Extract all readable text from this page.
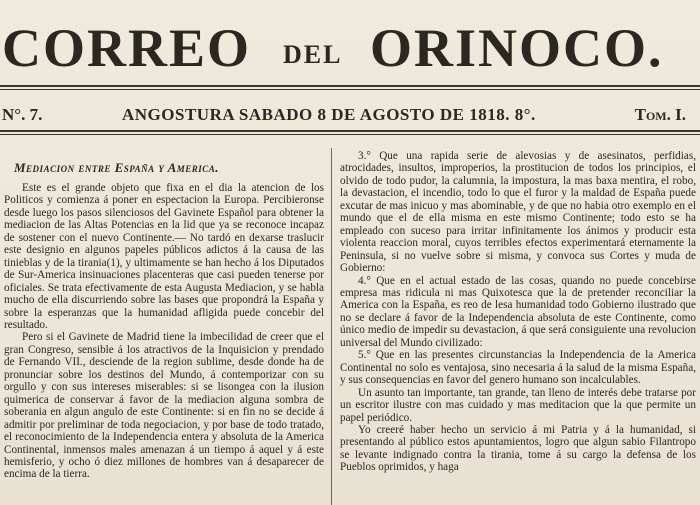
CORREO DEL ORINOCO.
N°. 7.	ANGOSTURA SABADO 8 DE AGOSTO DE 1818. 8°.	Tom. I.
Mediacion entre España y America.

Este es el grande objeto que fixa en el dia la atencion de los Politicos y comienza á poner en espectacion la Europa. Percibieronse desde luego los pasos silenciosos del Gavinete Español para obtener la mediacion de las Altas Potencias en la lid que ya se reconoce incapaz de sostener con el nuevo Continente.— No tardó en dexarse traslucir este designio en algunos papeles públicos adictos á la causa de las tinieblas y de la tirania(1), y ultimamente se han hecho á los Diputados de Sur-America insinuaciones placenteras que casi pueden tenerse por oficiales. Se trata efectivamente de esta Augusta Mediacion, y se habla mucho de ella discurriendo sobre las bases que propondrá la España y sobre la esperanzas que la humanidad afligida puede concebir del resultado.

Pero si el Gavinete de Madrid tiene la imbecilidad de creer que el gran Congreso, sensible á los atractivos de la Inquisicion y prendado de Fernando VII., desciende de la region sublime, desde donde ha de pronunciar sobre los destinos del Mundo, á contemporizar con su orgullo y con sus intereses miserables: si se lisongea con la ilusion quimerica de conservar á favor de la mediacion alguna sombra de soberania en algun angulo de este Continente: si en fin no se decide á admitir por preliminar de toda negociacion, y por base de todo tratado, el reconocimiento de la Independencia entera y absoluta de la America Continental, inmensos males amenazan á un tiempo á aquel y á este hemisferio, y ocho ó diez millones de hombres van á desaparecer de encima de la tierra.

3.° Que una rapida serie de alevosias y de asesinatos, perfidias, atrocidades, insultos, improperios, la prostitucion de todos los principios, el olvido de todo pudor, la calumnia, la impostura, la mas baxa mentira, el robo, la devastacion, el incendio, todo lo que el furor y la maldad de España puede excutar de mas inicuo y mas abominable, y de que no habia otro exemplo en el mundo que el de ella misma en este mismo Continente; todo esto se ha empleado con suceso para irritar infinitamente los ánimos y producir esta violenta reaccion moral, cuyos terribles efectos experimentará eternamente la Peninsula, si no vuelve sobre si misma, y convoca sus Cortes y muda de Gobierno:

4.° Que en el actual estado de las cosas, quando no puede concebirse empresa mas ridicula ni mas Quixotesca que la de pretender reconciliar la America con la España, es reo de lesa humanidad todo Gobierno ilustrado que no se declare á favor de la Independencia absoluta de este Continente, como único medio de impedir su devastacion, á que será consiguiente una revolucion universal del Mundo civilizado:

5.° Que en las presentes circunstancias la Independencia de la America Continental no solo es ventajosa, sino necesaria á la salud de la misma España, y sus consequencias en favor del genero humano son incalculables.

Un asunto tan importante, tan grande, tan lleno de interés debe tratarse por un escritor ilustre con mas cuidado y mas meditacion que la que permite un papel periódico.

Yo creeré haber hecho un servicio á mi Patria y á la humanidad, si presentando al público estos apuntamientos, logro que algun sabio Filantropo se levante indignado contra la tirania, tome á su cargo la defensa de los Pueblos oprimidos, y haga
